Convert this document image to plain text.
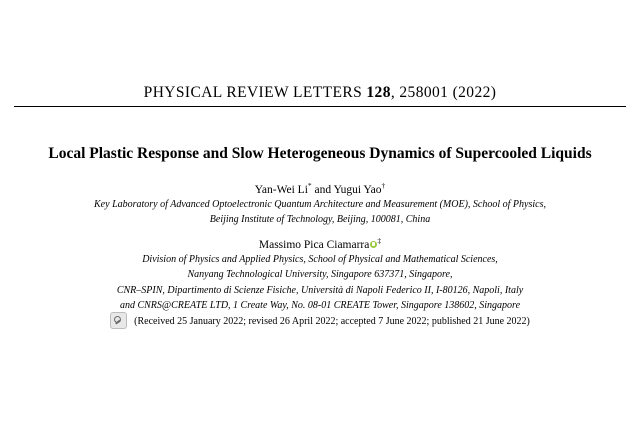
PHYSICAL REVIEW LETTERS 128, 258001 (2022)
Local Plastic Response and Slow Heterogeneous Dynamics of Supercooled Liquids
Yan-Wei Li* and Yugui Yao†
Key Laboratory of Advanced Optoelectronic Quantum Architecture and Measurement (MOE), School of Physics,
Beijing Institute of Technology, Beijing, 100081, China
Massimo Pica Ciamarra ‡
Division of Physics and Applied Physics, School of Physical and Mathematical Sciences,
Nanyang Technological University, Singapore 637371, Singapore,
CNR–SPIN, Dipartimento di Scienze Fisiche, Università di Napoli Federico II, I-80126, Napoli, Italy
and CNRS@CREATE LTD, 1 Create Way, No. 08-01 CREATE Tower, Singapore 138602, Singapore
(Received 25 January 2022; revised 26 April 2022; accepted 7 June 2022; published 21 June 2022)
